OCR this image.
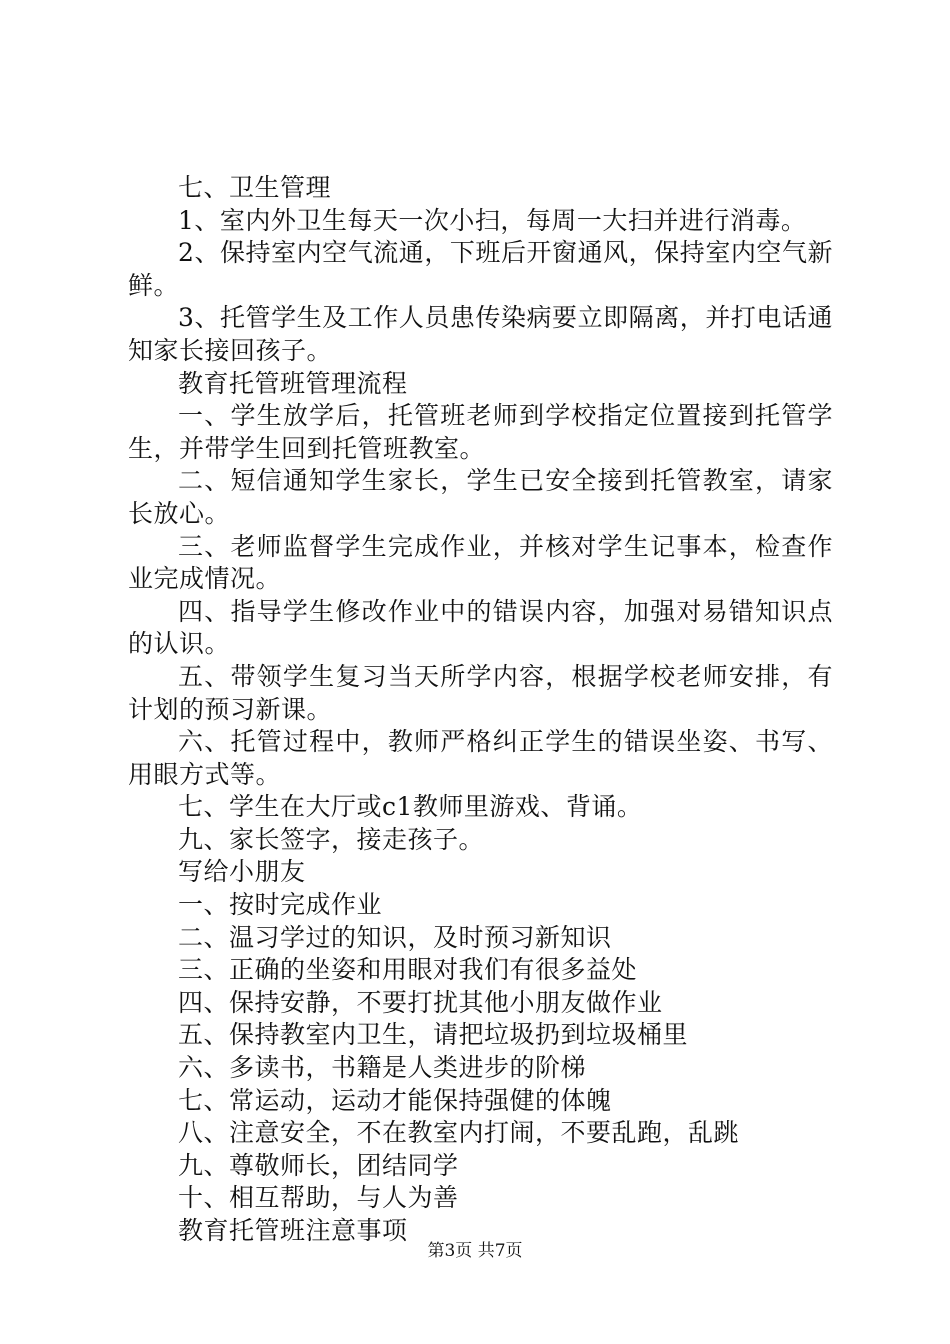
七、卫生管理
1、室内外卫生每天一次小扫，每周一大扫并进行消毒。
2、保持室内空气流通，下班后开窗通风，保持室内空气新
鲜。
3、托管学生及工作人员患传染病要立即隔离，并打电话通
知家长接回孩子。
教育托管班管理流程
一、学生放学后，托管班老师到学校指定位置接到托管学
生，并带学生回到托管班教室。
二、短信通知学生家长，学生已安全接到托管教室，请家
长放心。
三、老师监督学生完成作业，并核对学生记事本，检查作
业完成情况。
四、指导学生修改作业中的错误内容，加强对易错知识点
的认识。
五、带领学生复习当天所学内容，根据学校老师安排，有
计划的预习新课。
六、托管过程中，教师严格纠正学生的错误坐姿、书写、
用眼方式等。
七、学生在大厅或c1教师里游戏、背诵。
九、家长签字，接走孩子。
写给小朋友
一、按时完成作业
二、温习学过的知识，及时预习新知识
三、正确的坐姿和用眼对我们有很多益处
四、保持安静，不要打扰其他小朋友做作业
五、保持教室内卫生，请把垃圾扔到垃圾桶里
六、多读书，书籍是人类进步的阶梯
七、常运动，运动才能保持强健的体魄
八、注意安全，不在教室内打闹，不要乱跑，乱跳
九、尊敬师长，团结同学
十、相互帮助，与人为善
教育托管班注意事项
第3页 共7页
